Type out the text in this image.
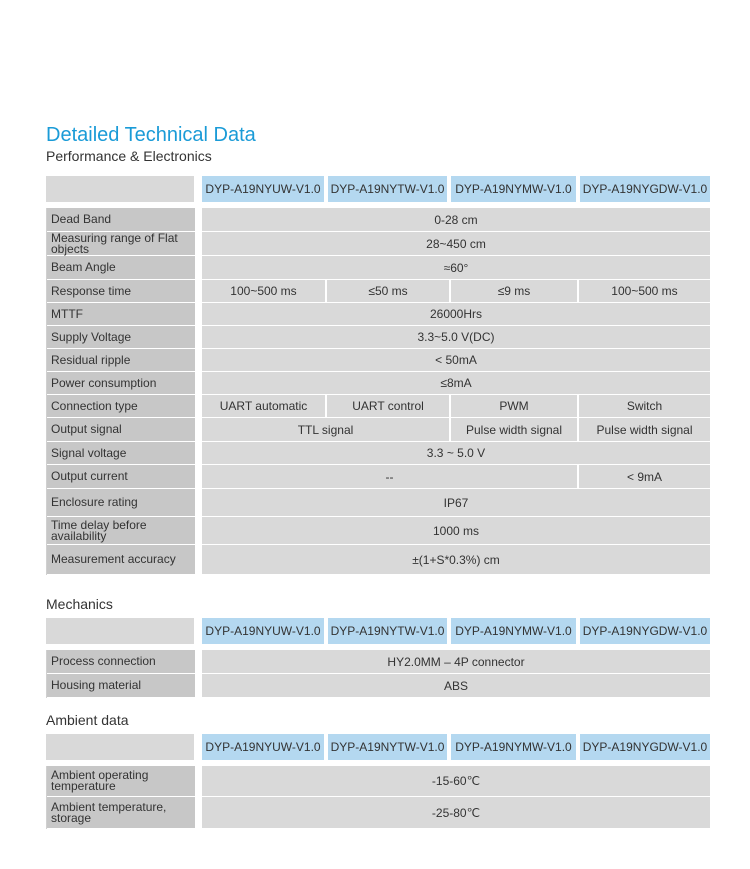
Detailed Technical Data
Performance & Electronics
DYP-A19NYUW-V1.0 DYP-A19NYTW-V1.0 DYP-A19NYMW-V1.0 DYP-A19NYGDW-V1.0
Dead Band	0-28 cm
Measuring range of Flat objects	28~450 cm
Beam Angle	≈60°
Response time	100~500 ms	≤50 ms	≤9 ms	100~500 ms
MTTF	26000Hrs
Supply Voltage	3.3~5.0 V(DC)
Residual ripple	< 50mA
Power consumption	≤8mA
Connection type	UART automatic	UART control	PWM	Switch
Output signal	TTL signal	Pulse width signal	Pulse width signal
Signal voltage	3.3 ~ 5.0 V
Output current	--	< 9mA
Enclosure rating	IP67
Time delay before availability	1000 ms
Measurement accuracy	±(1+S*0.3%) cm
Mechanics
DYP-A19NYUW-V1.0 DYP-A19NYTW-V1.0 DYP-A19NYMW-V1.0 DYP-A19NYGDW-V1.0
Process connection	HY2.0MM – 4P connector
Housing material	ABS
Ambient data
DYP-A19NYUW-V1.0 DYP-A19NYTW-V1.0 DYP-A19NYMW-V1.0 DYP-A19NYGDW-V1.0
Ambient operating temperature	-15-60℃
Ambient temperature, storage	-25-80℃
